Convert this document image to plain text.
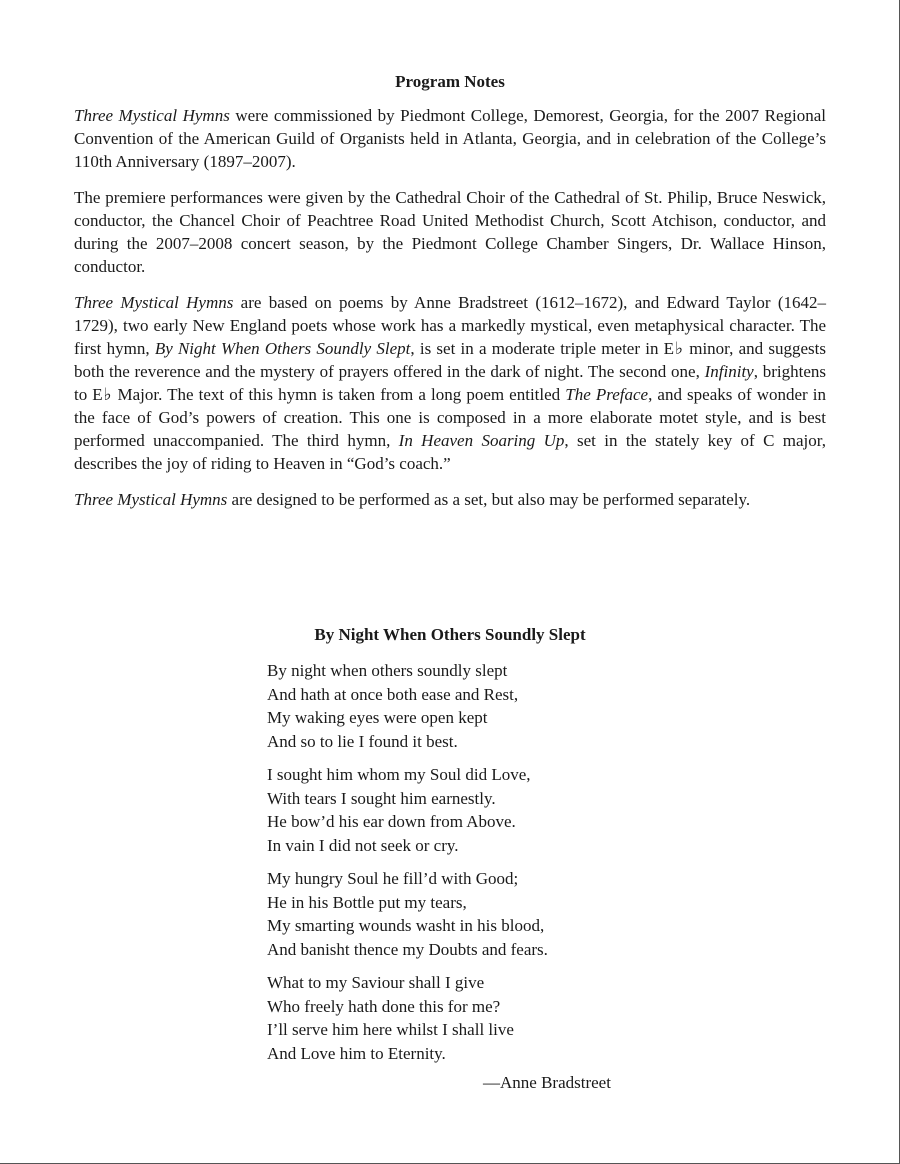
Program Notes

Three Mystical Hymns were commissioned by Piedmont College, Demorest, Georgia, for the 2007 Regional Convention of the American Guild of Organists held in Atlanta, Georgia, and in celebration of the College’s 110th Anniversary (1897–2007).

The premiere performances were given by the Cathedral Choir of the Cathedral of St. Philip, Bruce Neswick, conductor, the Chancel Choir of Peachtree Road United Methodist Church, Scott Atchison, conductor, and during the 2007–2008 concert season, by the Piedmont College Chamber Singers, Dr. Wallace Hinson, conductor.

Three Mystical Hymns are based on poems by Anne Bradstreet (1612–1672), and Edward Taylor (1642–1729), two early New England poets whose work has a markedly mystical, even metaphysical character. The first hymn, By Night When Others Soundly Slept, is set in a moderate triple meter in E♭ minor, and suggests both the reverence and the mystery of prayers offered in the dark of night. The second one, Infinity, brightens to E♭ Major. The text of this hymn is taken from a long poem entitled The Preface, and speaks of wonder in the face of God’s powers of creation. This one is composed in a more elaborate motet style, and is best performed unaccompanied. The third hymn, In Heaven Soaring Up, set in the stately key of C major, describes the joy of riding to Heaven in “God’s coach.”

Three Mystical Hymns are designed to be performed as a set, but also may be performed separately.

By Night When Others Soundly Slept
By night when others soundly slept
And hath at once both ease and Rest,
My waking eyes were open kept
And so to lie I found it best.
I sought him whom my Soul did Love,
With tears I sought him earnestly.
He bow’d his ear down from Above.
In vain I did not seek or cry.
My hungry Soul he fill’d with Good;
He in his Bottle put my tears,
My smarting wounds washt in his blood,
And banisht thence my Doubts and fears.
What to my Saviour shall I give
Who freely hath done this for me?
I’ll serve him here whilst I shall live
And Love him to Eternity.
—Anne Bradstreet
